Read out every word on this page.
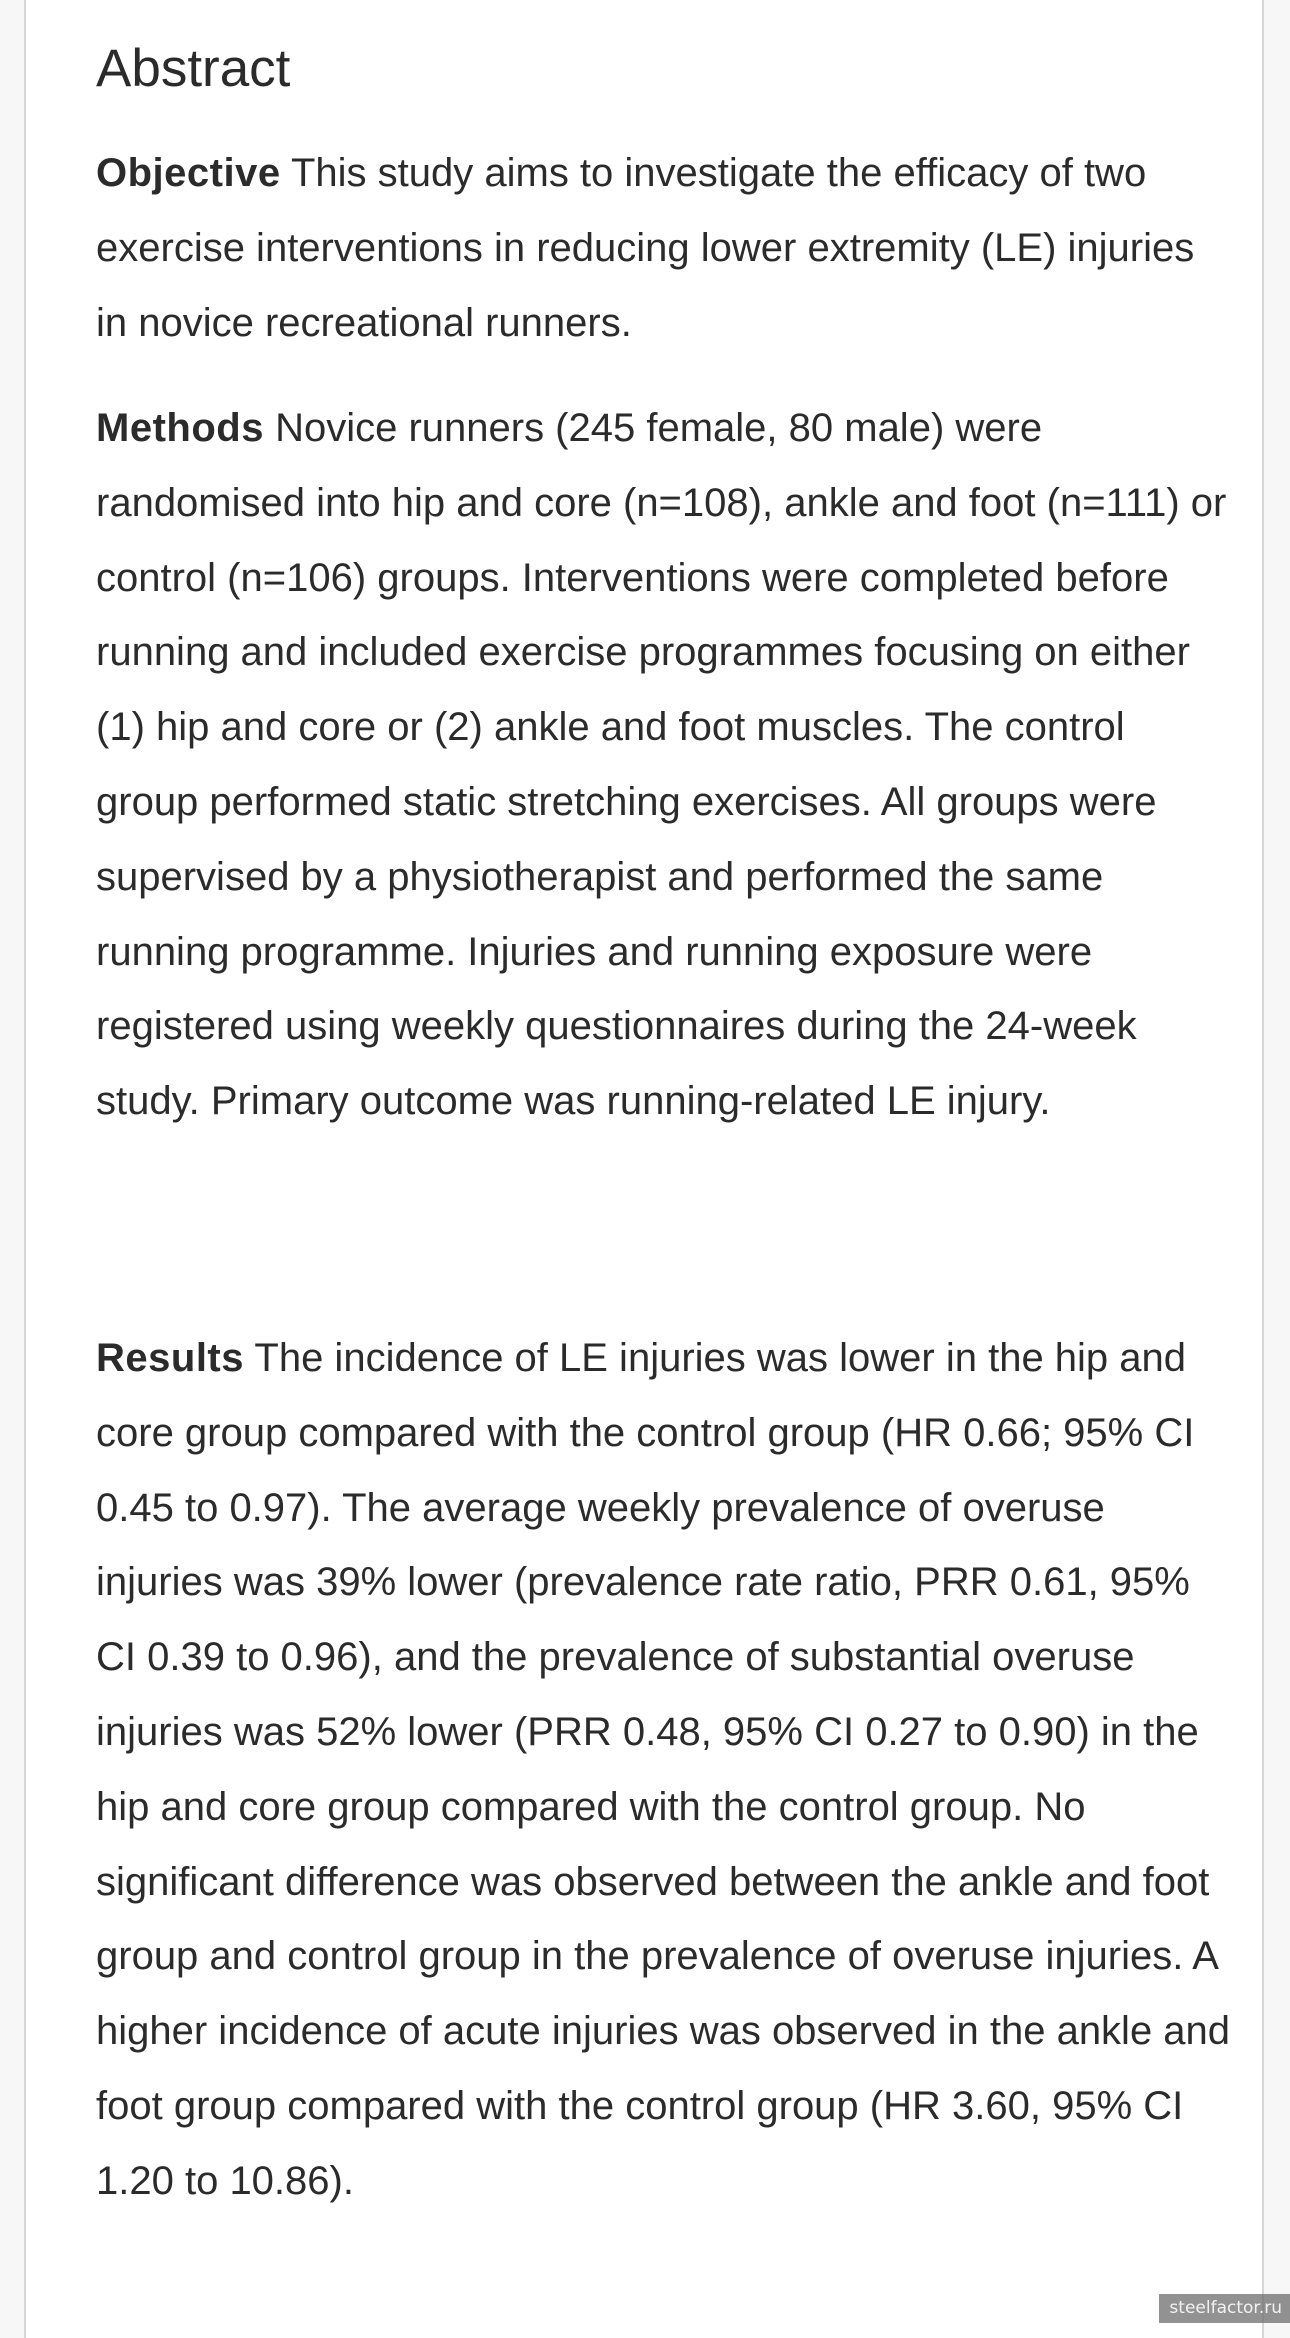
Abstract

Objective This study aims to investigate the efficacy of two exercise interventions in reducing lower extremity (LE) injuries in novice recreational runners.

Methods Novice runners (245 female, 80 male) were randomised into hip and core (n=108), ankle and foot (n=111) or control (n=106) groups. Interventions were completed before running and included exercise programmes focusing on either (1) hip and core or (2) ankle and foot muscles. The control group performed static stretching exercises. All groups were supervised by a physiotherapist and performed the same running programme. Injuries and running exposure were registered using weekly questionnaires during the 24-week study. Primary outcome was running-related LE injury.

Results The incidence of LE injuries was lower in the hip and core group compared with the control group (HR 0.66; 95% CI 0.45 to 0.97). The average weekly prevalence of overuse injuries was 39% lower (prevalence rate ratio, PRR 0.61, 95% CI 0.39 to 0.96), and the prevalence of substantial overuse injuries was 52% lower (PRR 0.48, 95% CI 0.27 to 0.90) in the hip and core group compared with the control group. No significant difference was observed between the ankle and foot group and control group in the prevalence of overuse injuries. A higher incidence of acute injuries was observed in the ankle and foot group compared with the control group (HR 3.60, 95% CI 1.20 to 10.86).

steelfactor.ru
